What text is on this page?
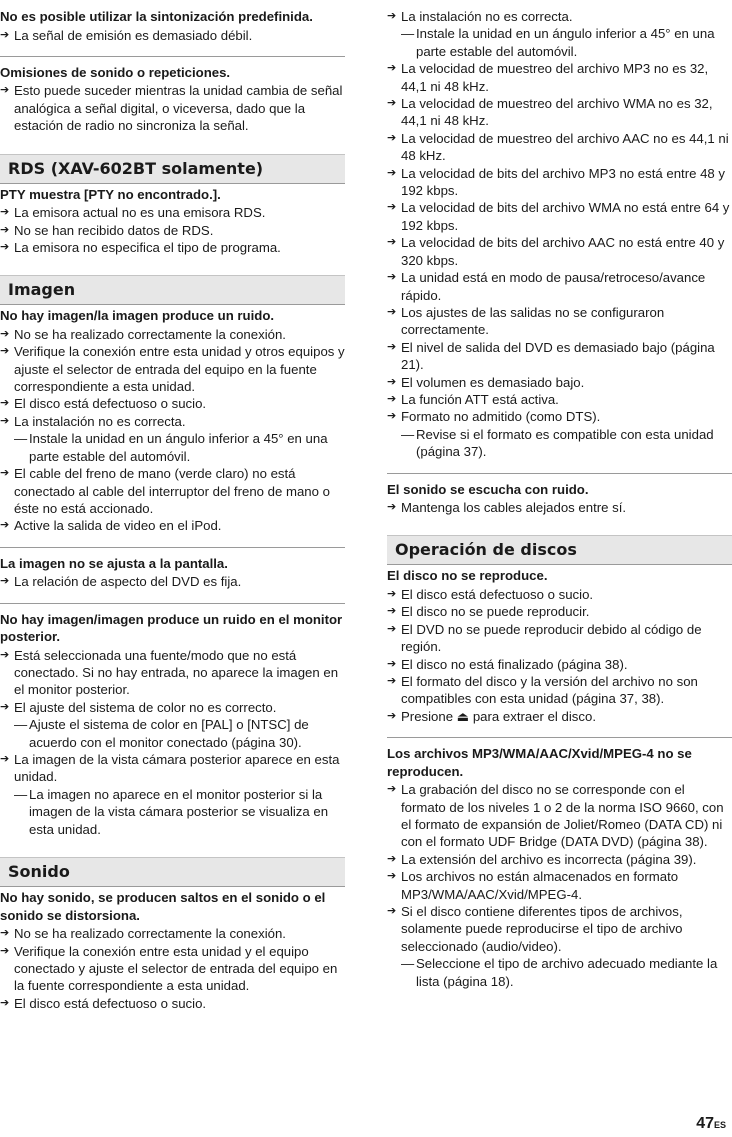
No es posible utilizar la sintonización predefinida.
➔ La señal de emisión es demasiado débil.
Omisiones de sonido o repeticiones.
➔ Esto puede suceder mientras la unidad cambia de señal analógica a señal digital, o viceversa, dado que la estación de radio no sincroniza la señal.
RDS (XAV-602BT solamente)
PTY muestra [PTY no encontrado.].
➔ La emisora actual no es una emisora RDS.
➔ No se han recibido datos de RDS.
➔ La emisora no especifica el tipo de programa.
Imagen
No hay imagen/la imagen produce un ruido.
➔ No se ha realizado correctamente la conexión.
➔ Verifique la conexión entre esta unidad y otros equipos y ajuste el selector de entrada del equipo en la fuente correspondiente a esta unidad.
➔ El disco está defectuoso o sucio.
➔ La instalación no es correcta.
— Instale la unidad en un ángulo inferior a 45° en una parte estable del automóvil.
➔ El cable del freno de mano (verde claro) no está conectado al cable del interruptor del freno de mano o éste no está accionado.
➔ Active la salida de video en el iPod.
La imagen no se ajusta a la pantalla.
➔ La relación de aspecto del DVD es fija.
No hay imagen/imagen produce un ruido en el monitor posterior.
➔ Está seleccionada una fuente/modo que no está conectado. Si no hay entrada, no aparece la imagen en el monitor posterior.
➔ El ajuste del sistema de color no es correcto.
— Ajuste el sistema de color en [PAL] o [NTSC] de acuerdo con el monitor conectado (página 30).
➔ La imagen de la vista cámara posterior aparece en esta unidad.
— La imagen no aparece en el monitor posterior si la imagen de la vista cámara posterior se visualiza en esta unidad.
Sonido
No hay sonido, se producen saltos en el sonido o el sonido se distorsiona.
➔ No se ha realizado correctamente la conexión.
➔ Verifique la conexión entre esta unidad y el equipo conectado y ajuste el selector de entrada del equipo en la fuente correspondiente a esta unidad.
➔ El disco está defectuoso o sucio.
➔ La instalación no es correcta.
— Instale la unidad en un ángulo inferior a 45° en una parte estable del automóvil.
➔ La velocidad de muestreo del archivo MP3 no es 32, 44,1 ni 48 kHz.
➔ La velocidad de muestreo del archivo WMA no es 32, 44,1 ni 48 kHz.
➔ La velocidad de muestreo del archivo AAC no es 44,1 ni 48 kHz.
➔ La velocidad de bits del archivo MP3 no está entre 48 y 192 kbps.
➔ La velocidad de bits del archivo WMA no está entre 64 y 192 kbps.
➔ La velocidad de bits del archivo AAC no está entre 40 y 320 kbps.
➔ La unidad está en modo de pausa/retroceso/avance rápido.
➔ Los ajustes de las salidas no se configuraron correctamente.
➔ El nivel de salida del DVD es demasiado bajo (página 21).
➔ El volumen es demasiado bajo.
➔ La función ATT está activa.
➔ Formato no admitido (como DTS).
— Revise si el formato es compatible con esta unidad (página 37).
El sonido se escucha con ruido.
➔ Mantenga los cables alejados entre sí.
Operación de discos
El disco no se reproduce.
➔ El disco está defectuoso o sucio.
➔ El disco no se puede reproducir.
➔ El DVD no se puede reproducir debido al código de región.
➔ El disco no está finalizado (página 38).
➔ El formato del disco y la versión del archivo no son compatibles con esta unidad (página 37, 38).
➔ Presione ⏏ para extraer el disco.
Los archivos MP3/WMA/AAC/Xvid/MPEG-4 no se reproducen.
➔ La grabación del disco no se corresponde con el formato de los niveles 1 o 2 de la norma ISO 9660, con el formato de expansión de Joliet/Romeo (DATA CD) ni con el formato UDF Bridge (DATA DVD) (página 38).
➔ La extensión del archivo es incorrecta (página 39).
➔ Los archivos no están almacenados en formato MP3/WMA/AAC/Xvid/MPEG-4.
➔ Si el disco contiene diferentes tipos de archivos, solamente puede reproducirse el tipo de archivo seleccionado (audio/video).
— Seleccione el tipo de archivo adecuado mediante la lista (página 18).
47ES
